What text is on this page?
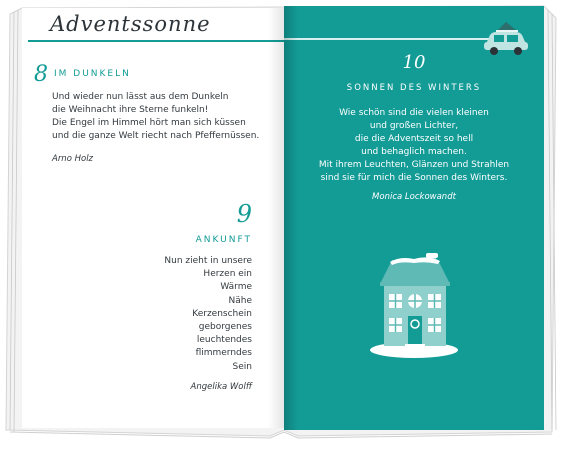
Adventssonne
8 IM DUNKELN
Und wieder nun lässt aus dem Dunkeln
die Weihnacht ihre Sterne funkeln!
Die Engel im Himmel hört man sich küssen
und die ganze Welt riecht nach Pfeffernüssen.
Arno Holz
9
ANKUNFT
Nun zieht in unsere
Herzen ein
Wärme
Nähe
Kerzenschein
geborgenes
leuchtendes
flimmerndes
Sein
Angelika Wolff
10
SONNEN DES WINTERS
Wie schön sind die vielen kleinen
und großen Lichter,
die die Adventszeit so hell
und behaglich machen.
Mit ihrem Leuchten, Glänzen und Strahlen
sind sie für mich die Sonnen des Winters.
Monica Lockowandt
